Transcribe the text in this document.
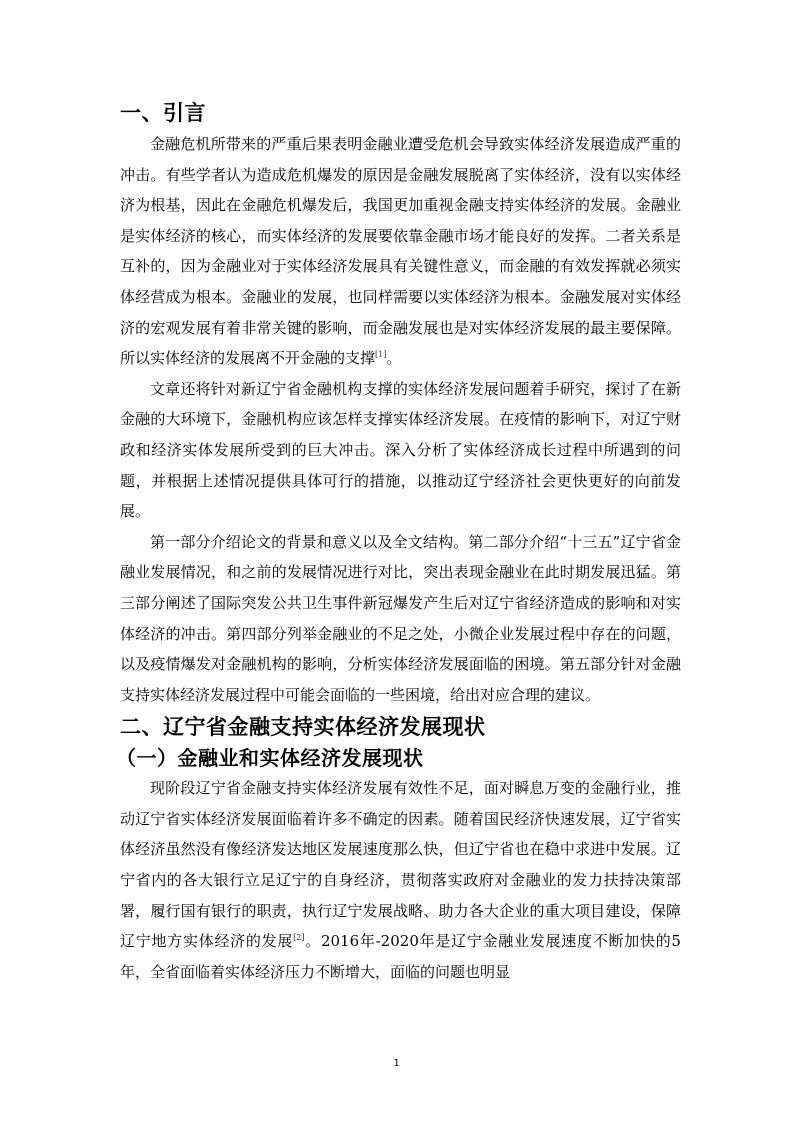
一、引言

金融危机所带来的严重后果表明金融业遭受危机会导致实体经济发展造成严重的冲击。有些学者认为造成危机爆发的原因是金融发展脱离了实体经济，没有以实体经济为根基，因此在金融危机爆发后，我国更加重视金融支持实体经济的发展。金融业是实体经济的核心，而实体经济的发展要依靠金融市场才能良好的发挥。二者关系是互补的，因为金融业对于实体经济发展具有关键性意义，而金融的有效发挥就必须实体经营成为根本。金融业的发展，也同样需要以实体经济为根本。金融发展对实体经济的宏观发展有着非常关键的影响，而金融发展也是对实体经济发展的最主要保障。所以实体经济的发展离不开金融的支撑[1]。

文章还将针对新辽宁省金融机构支撑的实体经济发展问题着手研究，探讨了在新金融的大环境下，金融机构应该怎样支撑实体经济发展。在疫情的影响下，对辽宁财政和经济实体发展所受到的巨大冲击。深入分析了实体经济成长过程中所遇到的问题，并根据上述情况提供具体可行的措施，以推动辽宁经济社会更快更好的向前发展。

第一部分介绍论文的背景和意义以及全文结构。第二部分介绍“十三五”辽宁省金融业发展情况，和之前的发展情况进行对比，突出表现金融业在此时期发展迅猛。第三部分阐述了国际突发公共卫生事件新冠爆发产生后对辽宁省经济造成的影响和对实体经济的冲击。第四部分列举金融业的不足之处，小微企业发展过程中存在的问题，以及疫情爆发对金融机构的影响，分析实体经济发展面临的困境。第五部分针对金融支持实体经济发展过程中可能会面临的一些困境，给出对应合理的建议。

二、辽宁省金融支持实体经济发展现状
（一）金融业和实体经济发展现状

现阶段辽宁省金融支持实体经济发展有效性不足，面对瞬息万变的金融行业，推动辽宁省实体经济发展面临着许多不确定的因素。随着国民经济快速发展，辽宁省实体经济虽然没有像经济发达地区发展速度那么快，但辽宁省也在稳中求进中发展。辽宁省内的各大银行立足辽宁的自身经济，贯彻落实政府对金融业的发力扶持决策部署，履行国有银行的职责，执行辽宁发展战略、助力各大企业的重大项目建设，保障辽宁地方实体经济的发展[2]。2016年-2020年是辽宁金融业发展速度不断加快的5年，全省面临着实体经济压力不断增大，面临的问题也明显

1
